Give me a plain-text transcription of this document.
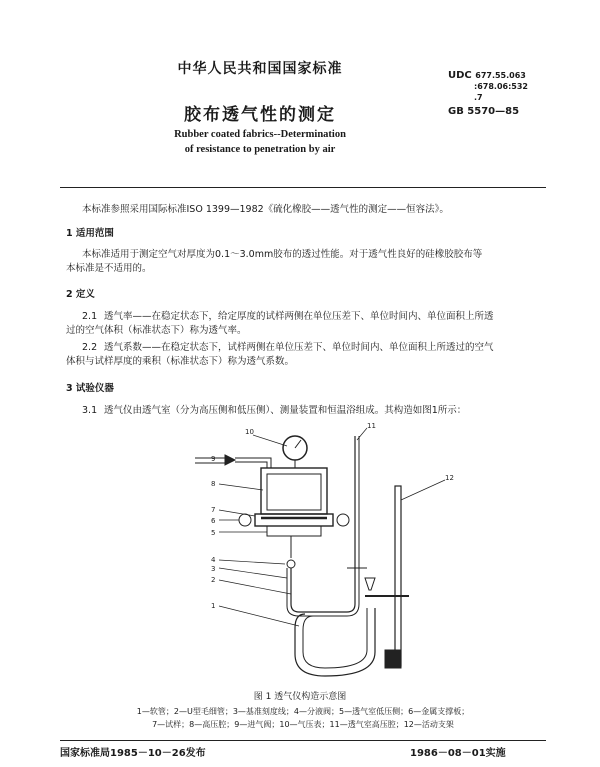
中华人民共和国国家标准	UDC 677.55.063
:678.06:532
.7
GB 5570—85
胶布透气性的测定
Rubber coated fabrics--Determination
of resistance to penetration by air
本标准参照采用国际标准ISO 1399—1982《硫化橡胶——透气性的测定——恒容法》。
1 适用范围
本标准适用于测定空气对厚度为0.1～3.0mm胶布的透过性能。对于透气性良好的硅橡胶胶布等
本标准是不适用的。
2 定义
2.1 透气率——在稳定状态下，给定厚度的试样两侧在单位压差下、单位时间内、单位面积上所透
过的空气体积（标准状态下）称为透气率。
2.2 透气系数——在稳定状态下，试样两侧在单位压差下、单位时间内、单位面积上所透过的空气
体积与试样厚度的乘积（标准状态下）称为透气系数。
3 试验仪器
3.1 透气仪由透气室（分为高压侧和低压侧）、测量装置和恒温浴组成。其构造如图1所示：
9
10
11
12
8
7
6
5
4
3
2
1
图 1 透气仪构造示意图
1—软管；2—U型毛细管；3—基准刻度线；4—分液阀；5—透气室低压侧；6—金属支撑板；
7—试样；8—高压腔；9—进气阀；10—气压表；11—透气室高压腔；12—活动支架
国家标准局1985－10－26发布	1986－08－01实施
